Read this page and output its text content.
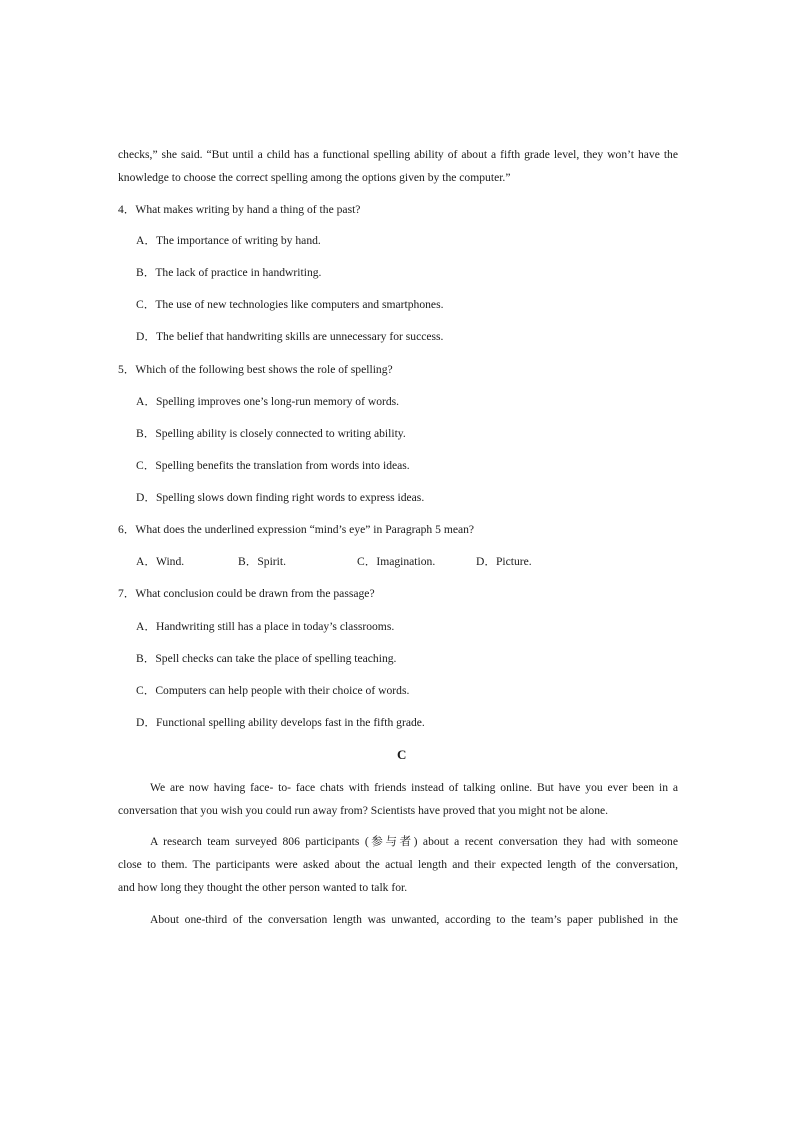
checks,” she said. “But until a child has a functional spelling ability of about a fifth grade level, they won’t have the
knowledge to choose the correct spelling among the options given by the computer.”
4．What makes writing by hand a thing of the past?
A．The importance of writing by hand.
B．The lack of practice in handwriting.
C．The use of new technologies like computers and smartphones.
D．The belief that handwriting skills are unnecessary for success.
5．Which of the following best shows the role of spelling?
A．Spelling improves one’s long-run memory of words.
B．Spelling ability is closely connected to writing ability.
C．Spelling benefits the translation from words into ideas.
D．Spelling slows down finding right words to express ideas.
6．What does the underlined expression “mind’s eye” in Paragraph 5 mean?
A．Wind.	B．Spirit.	C．Imagination.	D．Picture.
7．What conclusion could be drawn from the passage?
A．Handwriting still has a place in today’s classrooms.
B．Spell checks can take the place of spelling teaching.
C．Computers can help people with their choice of words.
D．Functional spelling ability develops fast in the fifth grade.
C
We are now having face- to- face chats with friends instead of talking online. But have you ever been in a
conversation that you wish you could run away from? Scientists have proved that you might not be alone.
A research team surveyed 806 participants (参与者) about a recent conversation they had with someone
close to them. The participants were asked about the actual length and their expected length of the conversation,
and how long they thought the other person wanted to talk for.
About one-third of the conversation length was unwanted, according to the team’s paper published in the
